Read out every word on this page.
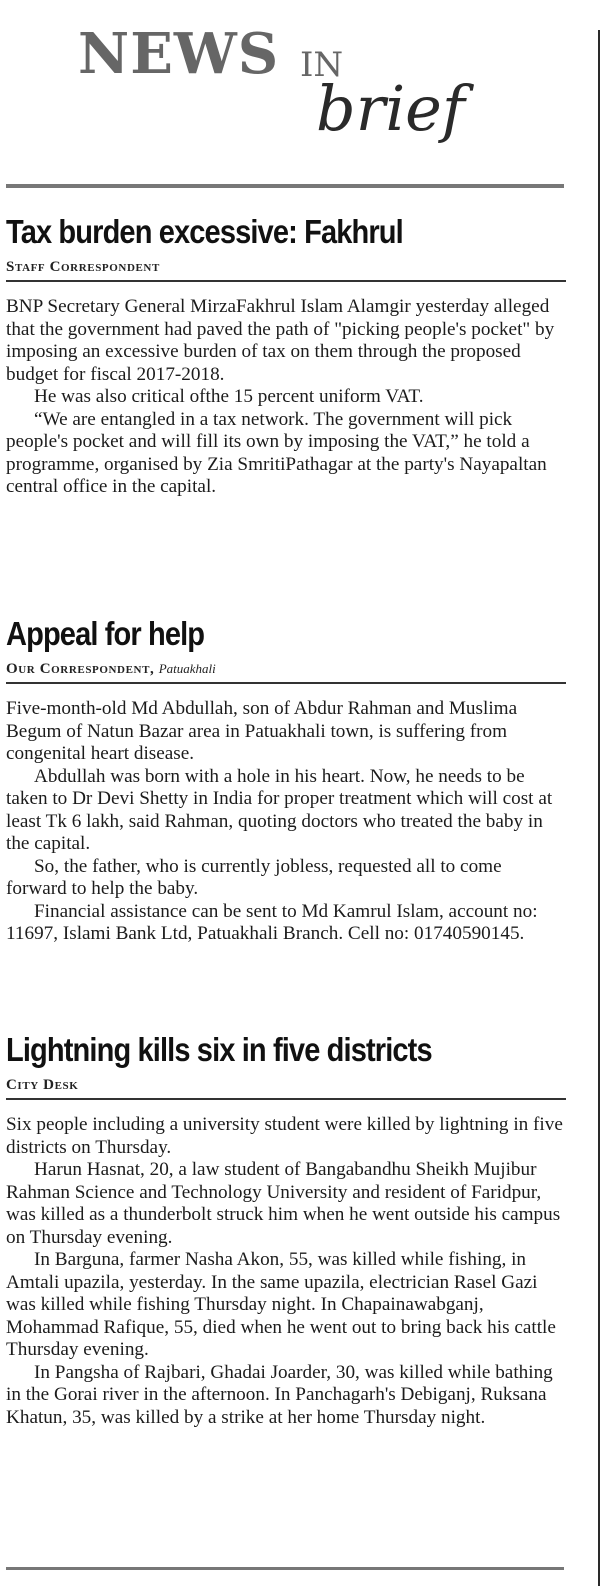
NEWS IN
brief
Tax burden excessive: Fakhrul
Staff Correspondent

BNP Secretary General MirzaFakhrul Islam Alamgir yesterday alleged that the government had paved the path of "picking people's pocket" by imposing an excessive burden of tax on them through the proposed budget for fiscal 2017-2018.

He was also critical ofthe 15 percent uniform VAT.

“We are entangled in a tax network. The government will pick people's pocket and will fill its own by imposing the VAT,” he told a programme, organised by Zia SmritiPathagar at the party's Nayapaltan central office in the capital.

Appeal for help
Our Correspondent, Patuakhali

Five-month-old Md Abdullah, son of Abdur Rahman and Muslima Begum of Natun Bazar area in Patuakhali town, is suffering from congenital heart disease.

Abdullah was born with a hole in his heart. Now, he needs to be taken to Dr Devi Shetty in India for proper treatment which will cost at least Tk 6 lakh, said Rahman, quoting doctors who treated the baby in the capital.

So, the father, who is currently jobless, requested all to come forward to help the baby.

Financial assistance can be sent to Md Kamrul Islam, account no: 11697, Islami Bank Ltd, Patuakhali Branch. Cell no: 01740590145.

Lightning kills six in five districts
City Desk

Six people including a university student were killed by lightning in five districts on Thursday.

Harun Hasnat, 20, a law student of Bangabandhu Sheikh Mujibur Rahman Science and Technology University and resident of Faridpur, was killed as a thunderbolt struck him when he went outside his campus on Thursday evening.

In Barguna, farmer Nasha Akon, 55, was killed while fishing, in Amtali upazila, yesterday. In the same upazila, electrician Rasel Gazi was killed while fishing Thursday night. In Chapainawabganj, Mohammad Rafique, 55, died when he went out to bring back his cattle Thursday evening.

In Pangsha of Rajbari, Ghadai Joarder, 30, was killed while bathing in the Gorai river in the afternoon. In Panchagarh's Debiganj, Ruksana Khatun, 35, was killed by a strike at her home Thursday night.
